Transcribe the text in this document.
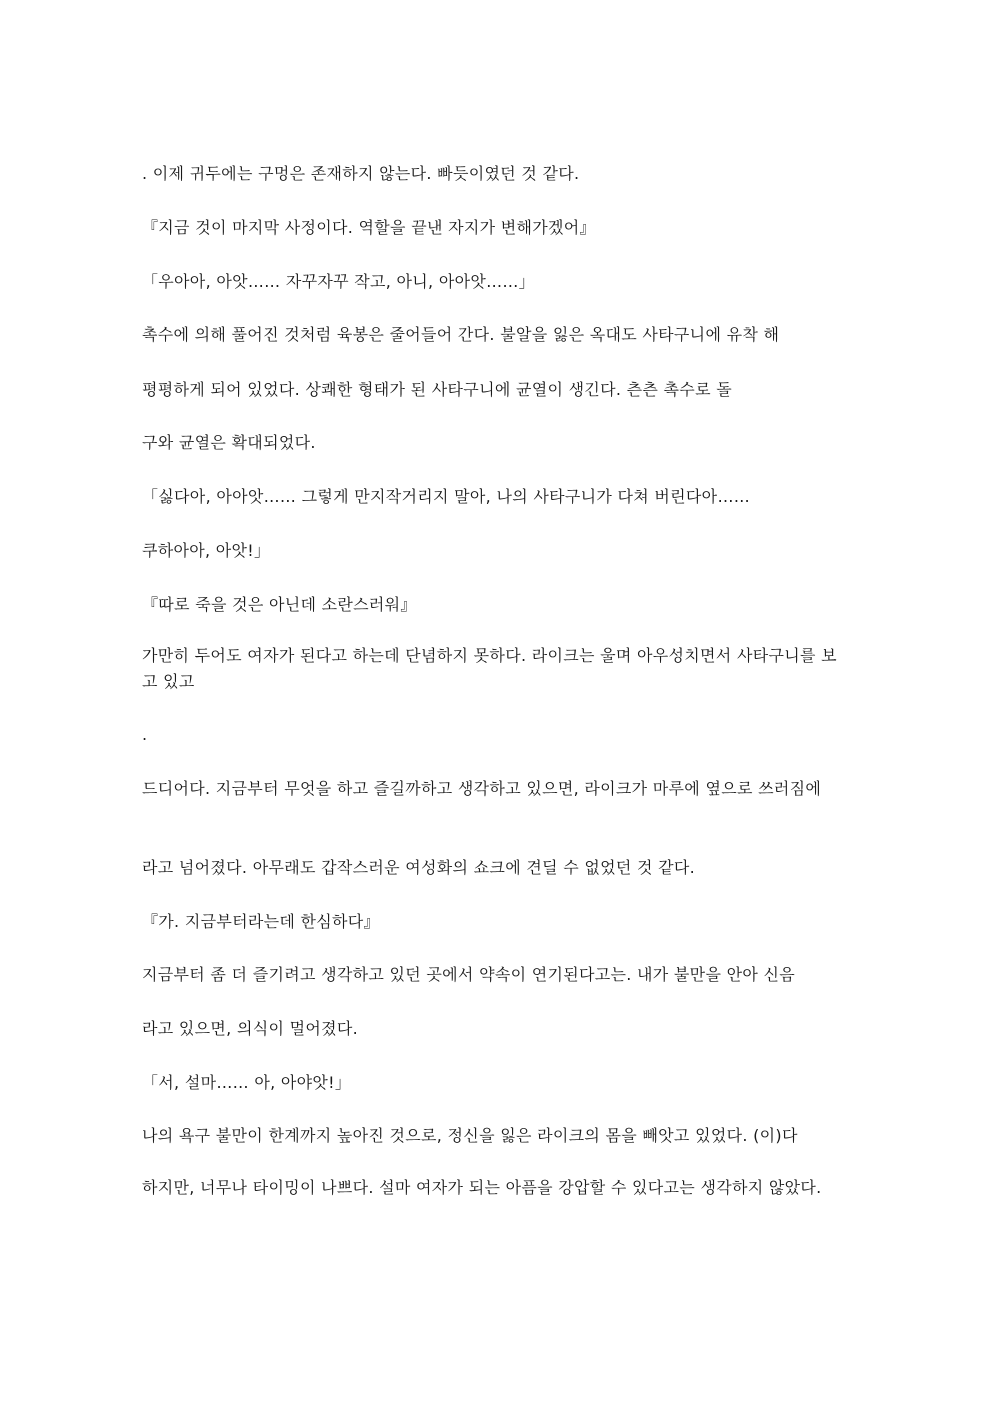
. 이제 귀두에는 구멍은 존재하지 않는다. 빠듯이였던 것 같다.
『지금 것이 마지막 사정이다. 역할을 끝낸 자지가 변해가겠어』
「우아아, 아앗…… 자꾸자꾸 작고, 아니, 아아앗……」
촉수에 의해 풀어진 것처럼 육봉은 줄어들어 간다. 불알을 잃은 옥대도 사타구니에 유착 해
평평하게 되어 있었다. 상쾌한 형태가 된 사타구니에 균열이 생긴다. 츤츤 촉수로 돌
구와 균열은 확대되었다.
「싫다아, 아아앗…… 그렇게 만지작거리지 말아, 나의 사타구니가 다쳐 버린다아……
쿠하아아, 아앗!」
『따로 죽을 것은 아닌데 소란스러워』
가만히 두어도 여자가 된다고 하는데 단념하지 못하다. 라이크는 울며 아우성치면서 사타구니를 보고 있고
.
드디어다. 지금부터 무엇을 하고 즐길까하고 생각하고 있으면, 라이크가 마루에 옆으로 쓰러짐에
라고 넘어졌다. 아무래도 갑작스러운 여성화의 쇼크에 견딜 수 없었던 것 같다.
『가. 지금부터라는데 한심하다』
지금부터 좀 더 즐기려고 생각하고 있던 곳에서 약속이 연기된다고는. 내가 불만을 안아 신음
라고 있으면, 의식이 멀어졌다.
「서, 설마…… 아, 아야앗!」
나의 욕구 불만이 한계까지 높아진 것으로, 정신을 잃은 라이크의 몸을 빼앗고 있었다. (이)다
하지만, 너무나 타이밍이 나쁘다. 설마 여자가 되는 아픔을 강압할 수 있다고는 생각하지 않았다.
